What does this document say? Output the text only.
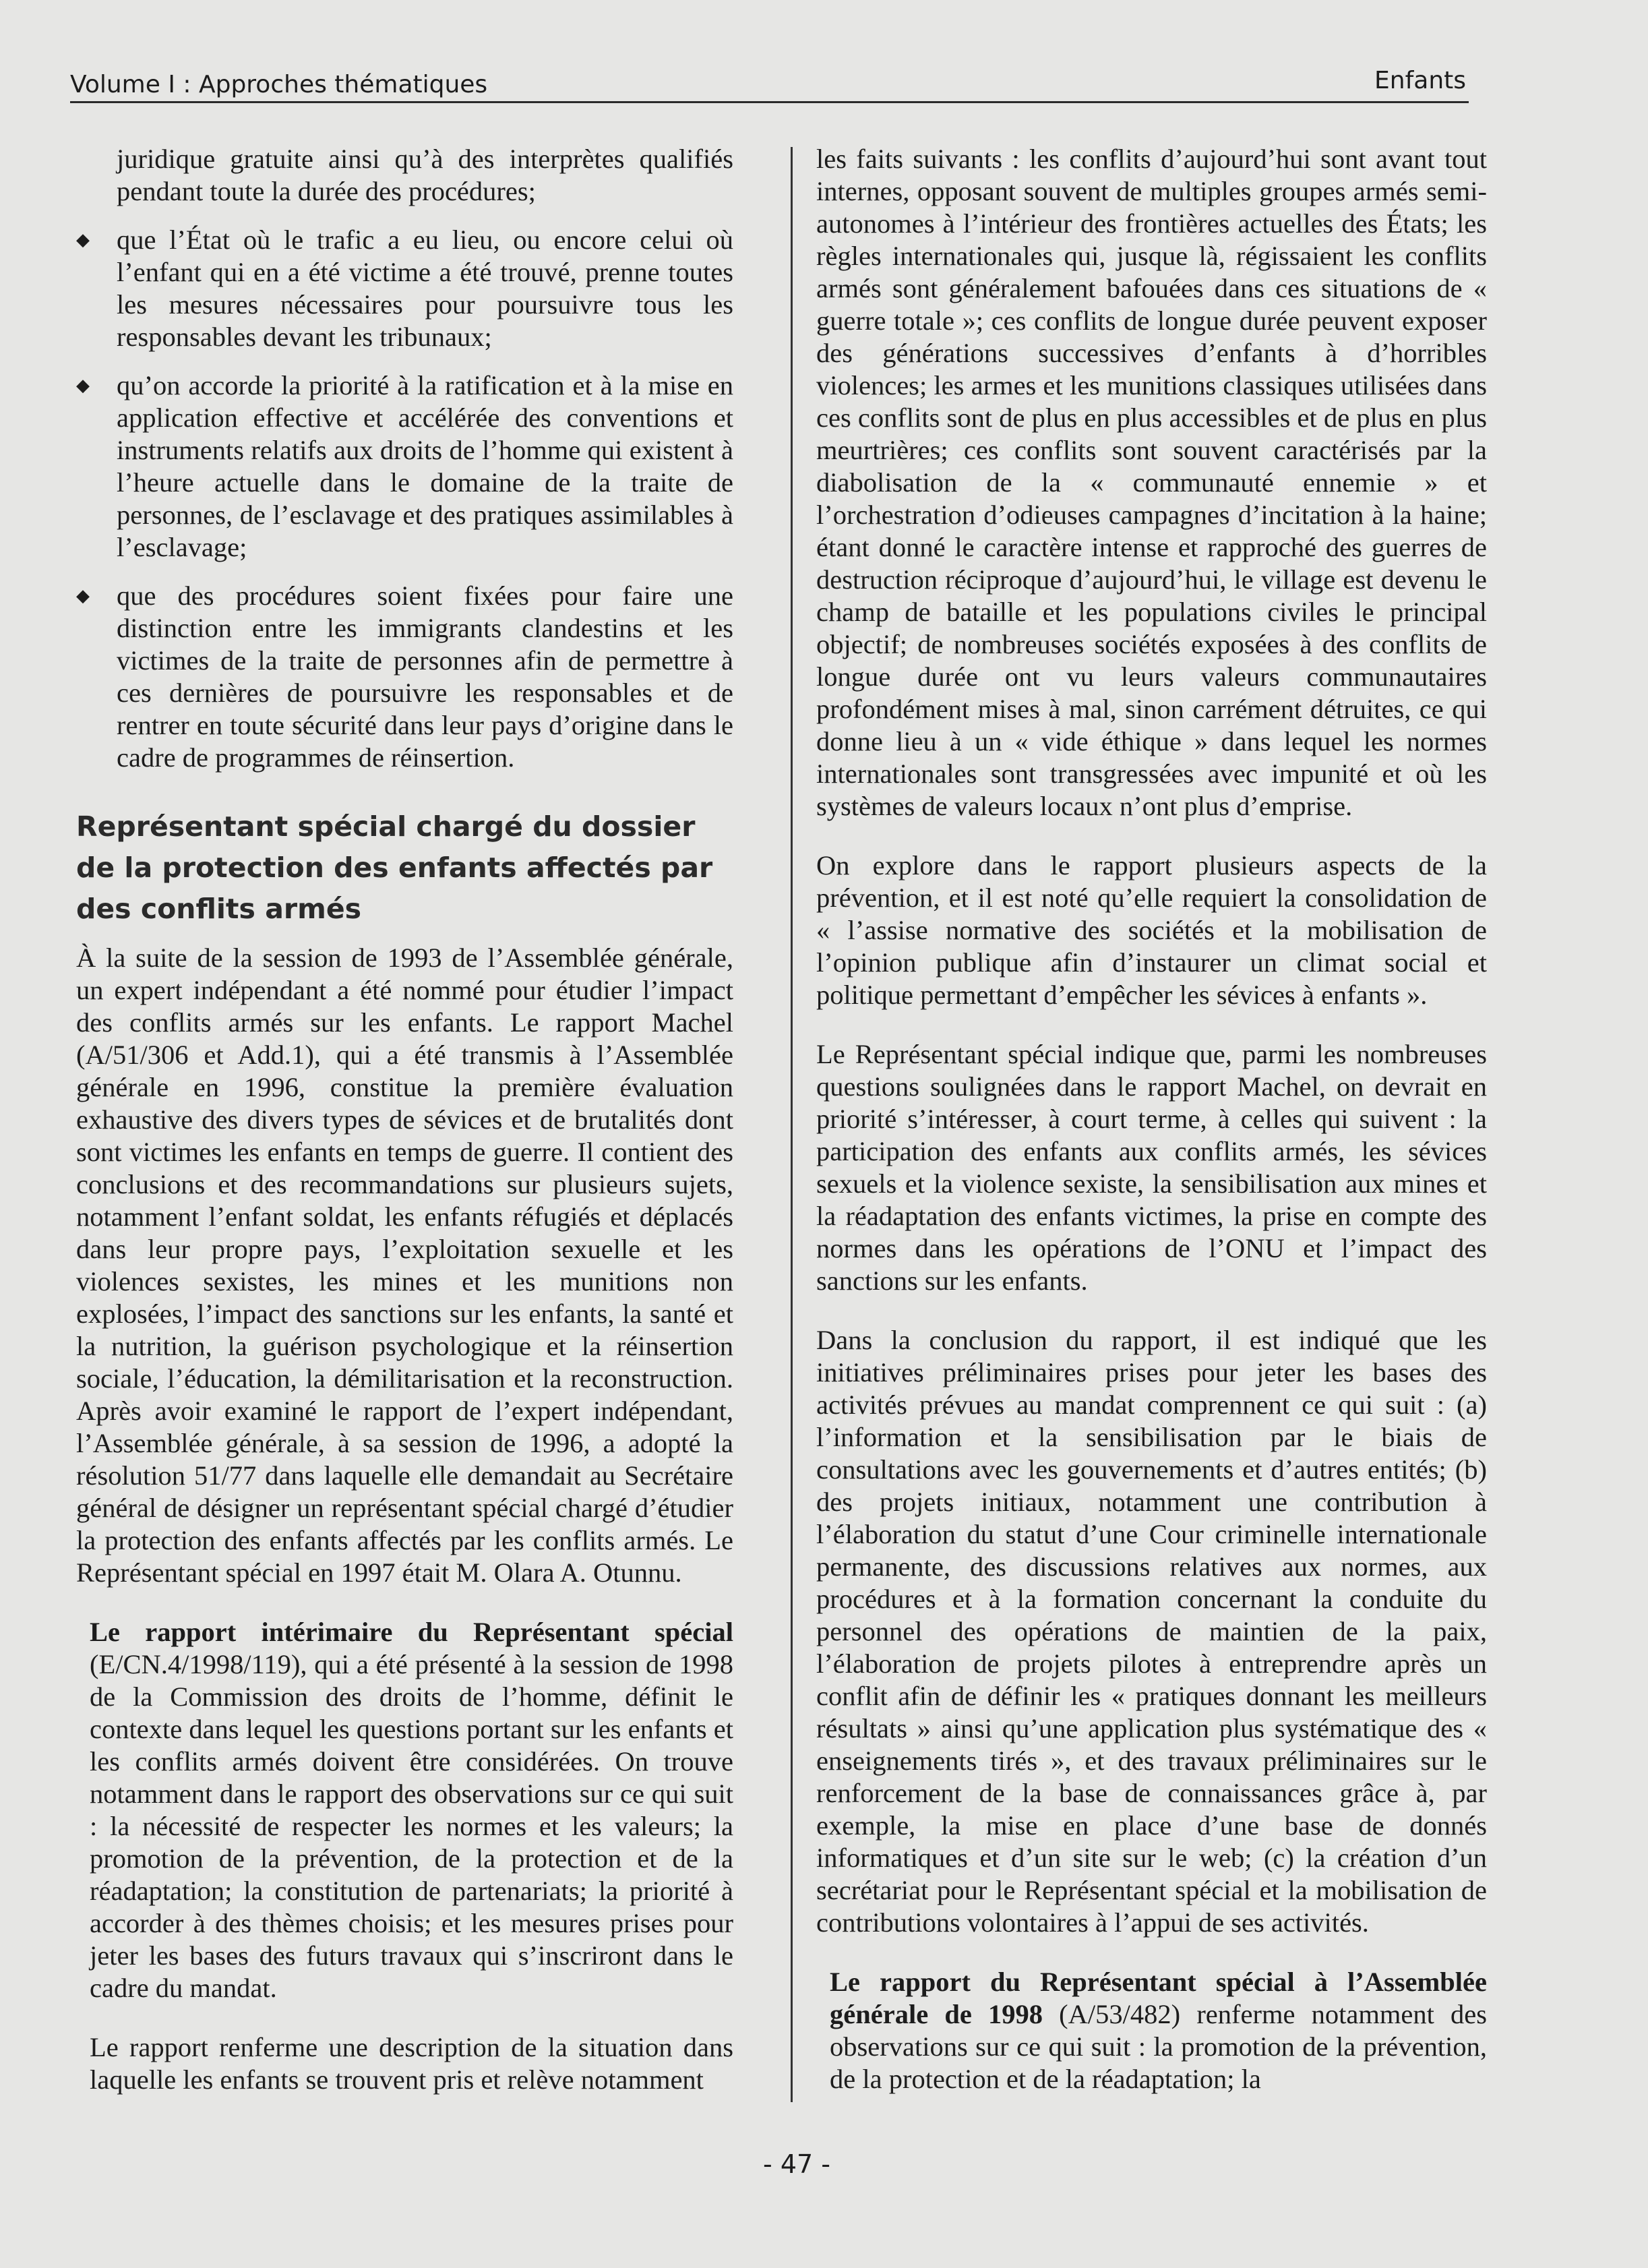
Volume I : Approches thématiques	Enfants

juridique gratuite ainsi qu’à des interprètes qualifiés pendant toute la durée des procédures;

◆ que l’État où le trafic a eu lieu, ou encore celui où l’enfant qui en a été victime a été trouvé, prenne toutes les mesures nécessaires pour poursuivre tous les responsables devant les tribunaux;
◆ qu’on accorde la priorité à la ratification et à la mise en application effective et accélérée des conventions et instruments relatifs aux droits de l’homme qui existent à l’heure actuelle dans le domaine de la traite de personnes, de l’esclavage et des pratiques assimilables à l’esclavage;
◆ que des procédures soient fixées pour faire une distinction entre les immigrants clandestins et les victimes de la traite de personnes afin de permettre à ces dernières de poursuivre les responsables et de rentrer en toute sécurité dans leur pays d’origine dans le cadre de programmes de réinsertion.
Représentant spécial chargé du dossier de la protection des enfants affectés par des conflits armés

À la suite de la session de 1993 de l’Assemblée générale, un expert indépendant a été nommé pour étudier l’impact des conflits armés sur les enfants. Le rapport Machel (A/51/306 et Add.1), qui a été transmis à l’Assemblée générale en 1996, constitue la première évaluation exhaustive des divers types de sévices et de brutalités dont sont victimes les enfants en temps de guerre. Il contient des conclusions et des recommandations sur plusieurs sujets, notamment l’enfant soldat, les enfants réfugiés et déplacés dans leur propre pays, l’exploitation sexuelle et les violences sexistes, les mines et les munitions non explosées, l’impact des sanctions sur les enfants, la santé et la nutrition, la guérison psychologique et la réinsertion sociale, l’éducation, la démilitarisation et la reconstruction. Après avoir examiné le rapport de l’expert indépendant, l’Assemblée générale, à sa session de 1996, a adopté la résolution 51/77 dans laquelle elle demandait au Secrétaire général de désigner un représentant spécial chargé d’étudier la protection des enfants affectés par les conflits armés. Le Représentant spécial en 1997 était M. Olara A. Otunnu.

Le rapport intérimaire du Représentant spécial (E/CN.4/1998/119), qui a été présenté à la session de 1998 de la Commission des droits de l’homme, définit le contexte dans lequel les questions portant sur les enfants et les conflits armés doivent être considérées. On trouve notamment dans le rapport des observations sur ce qui suit : la nécessité de respecter les normes et les valeurs; la promotion de la prévention, de la protection et de la réadaptation; la constitution de partenariats; la priorité à accorder à des thèmes choisis; et les mesures prises pour jeter les bases des futurs travaux qui s’inscriront dans le cadre du mandat.

Le rapport renferme une description de la situation dans laquelle les enfants se trouvent pris et relève notamment

les faits suivants : les conflits d’aujourd’hui sont avant tout internes, opposant souvent de multiples groupes armés semi-autonomes à l’intérieur des frontières actuelles des États; les règles internationales qui, jusque là, régissaient les conflits armés sont généralement bafouées dans ces situations de « guerre totale »; ces conflits de longue durée peuvent exposer des générations successives d’enfants à d’horribles violences; les armes et les munitions classiques utilisées dans ces conflits sont de plus en plus accessibles et de plus en plus meurtrières; ces conflits sont souvent caractérisés par la diabolisation de la « communauté ennemie » et l’orchestration d’odieuses campagnes d’incitation à la haine; étant donné le caractère intense et rapproché des guerres de destruction réciproque d’aujourd’hui, le village est devenu le champ de bataille et les populations civiles le principal objectif; de nombreuses sociétés exposées à des conflits de longue durée ont vu leurs valeurs communautaires profondément mises à mal, sinon carrément détruites, ce qui donne lieu à un « vide éthique » dans lequel les normes internationales sont transgressées avec impunité et où les systèmes de valeurs locaux n’ont plus d’emprise.

On explore dans le rapport plusieurs aspects de la prévention, et il est noté qu’elle requiert la consolidation de « l’assise normative des sociétés et la mobilisation de l’opinion publique afin d’instaurer un climat social et politique permettant d’empêcher les sévices à enfants ».

Le Représentant spécial indique que, parmi les nombreuses questions soulignées dans le rapport Machel, on devrait en priorité s’intéresser, à court terme, à celles qui suivent : la participation des enfants aux conflits armés, les sévices sexuels et la violence sexiste, la sensibilisation aux mines et la réadaptation des enfants victimes, la prise en compte des normes dans les opérations de l’ONU et l’impact des sanctions sur les enfants.

Dans la conclusion du rapport, il est indiqué que les initiatives préliminaires prises pour jeter les bases des activités prévues au mandat comprennent ce qui suit : (a) l’information et la sensibilisation par le biais de consultations avec les gouvernements et d’autres entités; (b) des projets initiaux, notamment une contribution à l’élaboration du statut d’une Cour criminelle internationale permanente, des discussions relatives aux normes, aux procédures et à la formation concernant la conduite du personnel des opérations de maintien de la paix, l’élaboration de projets pilotes à entreprendre après un conflit afin de définir les « pratiques donnant les meilleurs résultats » ainsi qu’une application plus systématique des « enseignements tirés », et des travaux préliminaires sur le renforcement de la base de connaissances grâce à, par exemple, la mise en place d’une base de donnés informatiques et d’un site sur le web; (c) la création d’un secrétariat pour le Représentant spécial et la mobilisation de contributions volontaires à l’appui de ses activités.

Le rapport du Représentant spécial à l’Assemblée générale de 1998 (A/53/482) renferme notamment des observations sur ce qui suit : la promotion de la prévention, de la protection et de la réadaptation; la

- 47 -
